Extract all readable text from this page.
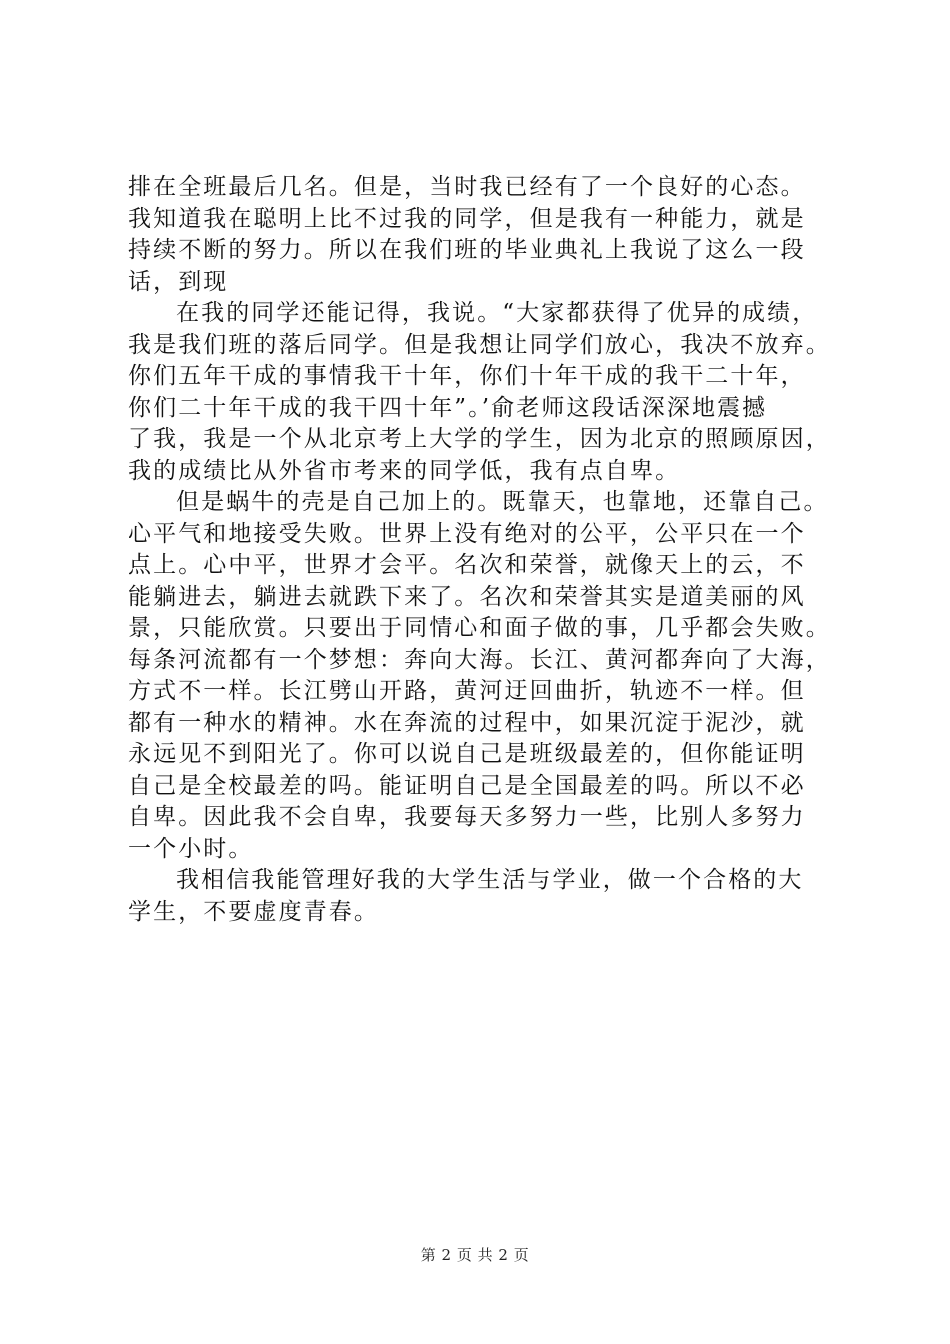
排在全班最后几名。但是，当时我已经有了一个良好的心态。
我知道我在聪明上比不过我的同学，但是我有一种能力，就是
持续不断的努力。所以在我们班的毕业典礼上我说了这么一段
话，到现
在我的同学还能记得，我说。“大家都获得了优异的成绩，
我是我们班的落后同学。但是我想让同学们放心，我决不放弃。
你们五年干成的事情我干十年，你们十年干成的我干二十年，
你们二十年干成的我干四十年”。’俞老师这段话深深地震撼
了我，我是一个从北京考上大学的学生，因为北京的照顾原因，
我的成绩比从外省市考来的同学低，我有点自卑。
但是蜗牛的壳是自己加上的。既靠天，也靠地，还靠自己。
心平气和地接受失败。世界上没有绝对的公平，公平只在一个
点上。心中平，世界才会平。名次和荣誉，就像天上的云，不
能躺进去，躺进去就跌下来了。名次和荣誉其实是道美丽的风
景，只能欣赏。只要出于同情心和面子做的事，几乎都会失败。
每条河流都有一个梦想：奔向大海。长江、黄河都奔向了大海，
方式不一样。长江劈山开路，黄河迂回曲折，轨迹不一样。但
都有一种水的精神。水在奔流的过程中，如果沉淀于泥沙，就
永远见不到阳光了。你可以说自己是班级最差的，但你能证明
自己是全校最差的吗。能证明自己是全国最差的吗。所以不必
自卑。因此我不会自卑，我要每天多努力一些，比别人多努力
一个小时。
我相信我能管理好我的大学生活与学业，做一个合格的大
学生，不要虚度青春。
第 2 页 共 2 页
